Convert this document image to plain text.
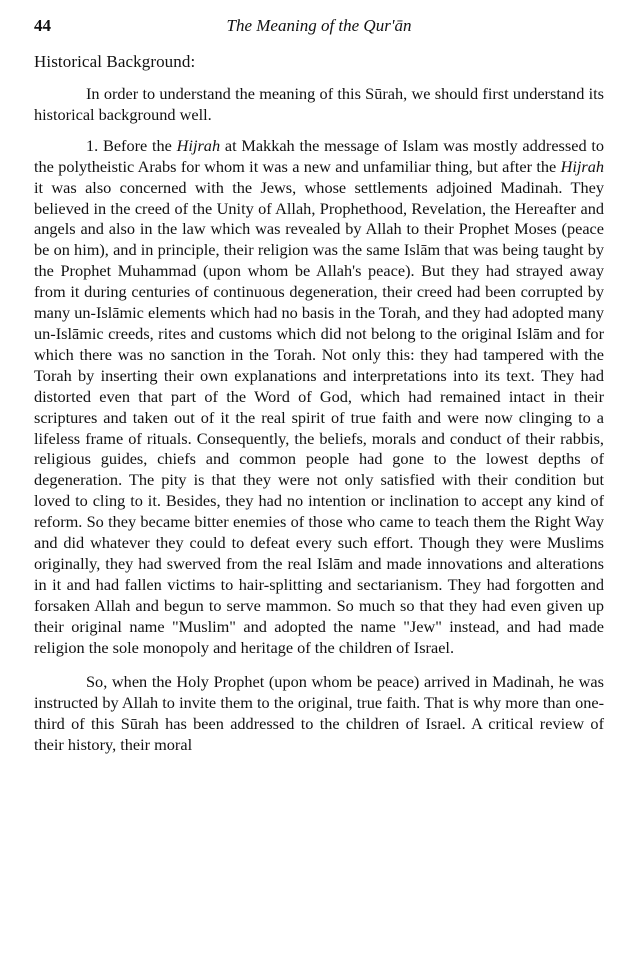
44	The Meaning of the Qur'ān
Historical Background:

In order to understand the meaning of this Sūrah, we should first understand its historical background well.

1. Before the Hijrah at Makkah the message of Islam was mostly addressed to the polytheistic Arabs for whom it was a new and unfamiliar thing, but after the Hijrah it was also concerned with the Jews, whose settlements adjoined Madinah. They believed in the creed of the Unity of Allah, Prophethood, Revelation, the Hereafter and angels and also in the law which was revealed by Allah to their Prophet Moses (peace be on him), and in principle, their religion was the same Islām that was being taught by the Prophet Muhammad (upon whom be Allah's peace). But they had strayed away from it during centuries of continuous degeneration, their creed had been corrupted by many un-Islāmic elements which had no basis in the Torah, and they had adopted many un-Islāmic creeds, rites and customs which did not belong to the original Islām and for which there was no sanction in the Torah. Not only this: they had tampered with the Torah by inserting their own explanations and interpretations into its text. They had distorted even that part of the Word of God, which had remained intact in their scriptures and taken out of it the real spirit of true faith and were now clinging to a lifeless frame of rituals. Consequently, the beliefs, morals and conduct of their rabbis, religious guides, chiefs and common people had gone to the lowest depths of degeneration. The pity is that they were not only satisfied with their condition but loved to cling to it. Besides, they had no intention or inclination to accept any kind of reform. So they became bitter enemies of those who came to teach them the Right Way and did whatever they could to defeat every such effort. Though they were Muslims originally, they had swerved from the real Islām and made innovations and alterations in it and had fallen victims to hair-splitting and sectarianism. They had forgotten and forsaken Allah and begun to serve mammon. So much so that they had even given up their original name "Muslim" and adopted the name "Jew" instead, and had made religion the sole monopoly and heritage of the children of Israel.

So, when the Holy Prophet (upon whom be peace) arrived in Madinah, he was instructed by Allah to invite them to the original, true faith. That is why more than one-third of this Sūrah has been addressed to the children of Israel. A critical review of their history, their moral
